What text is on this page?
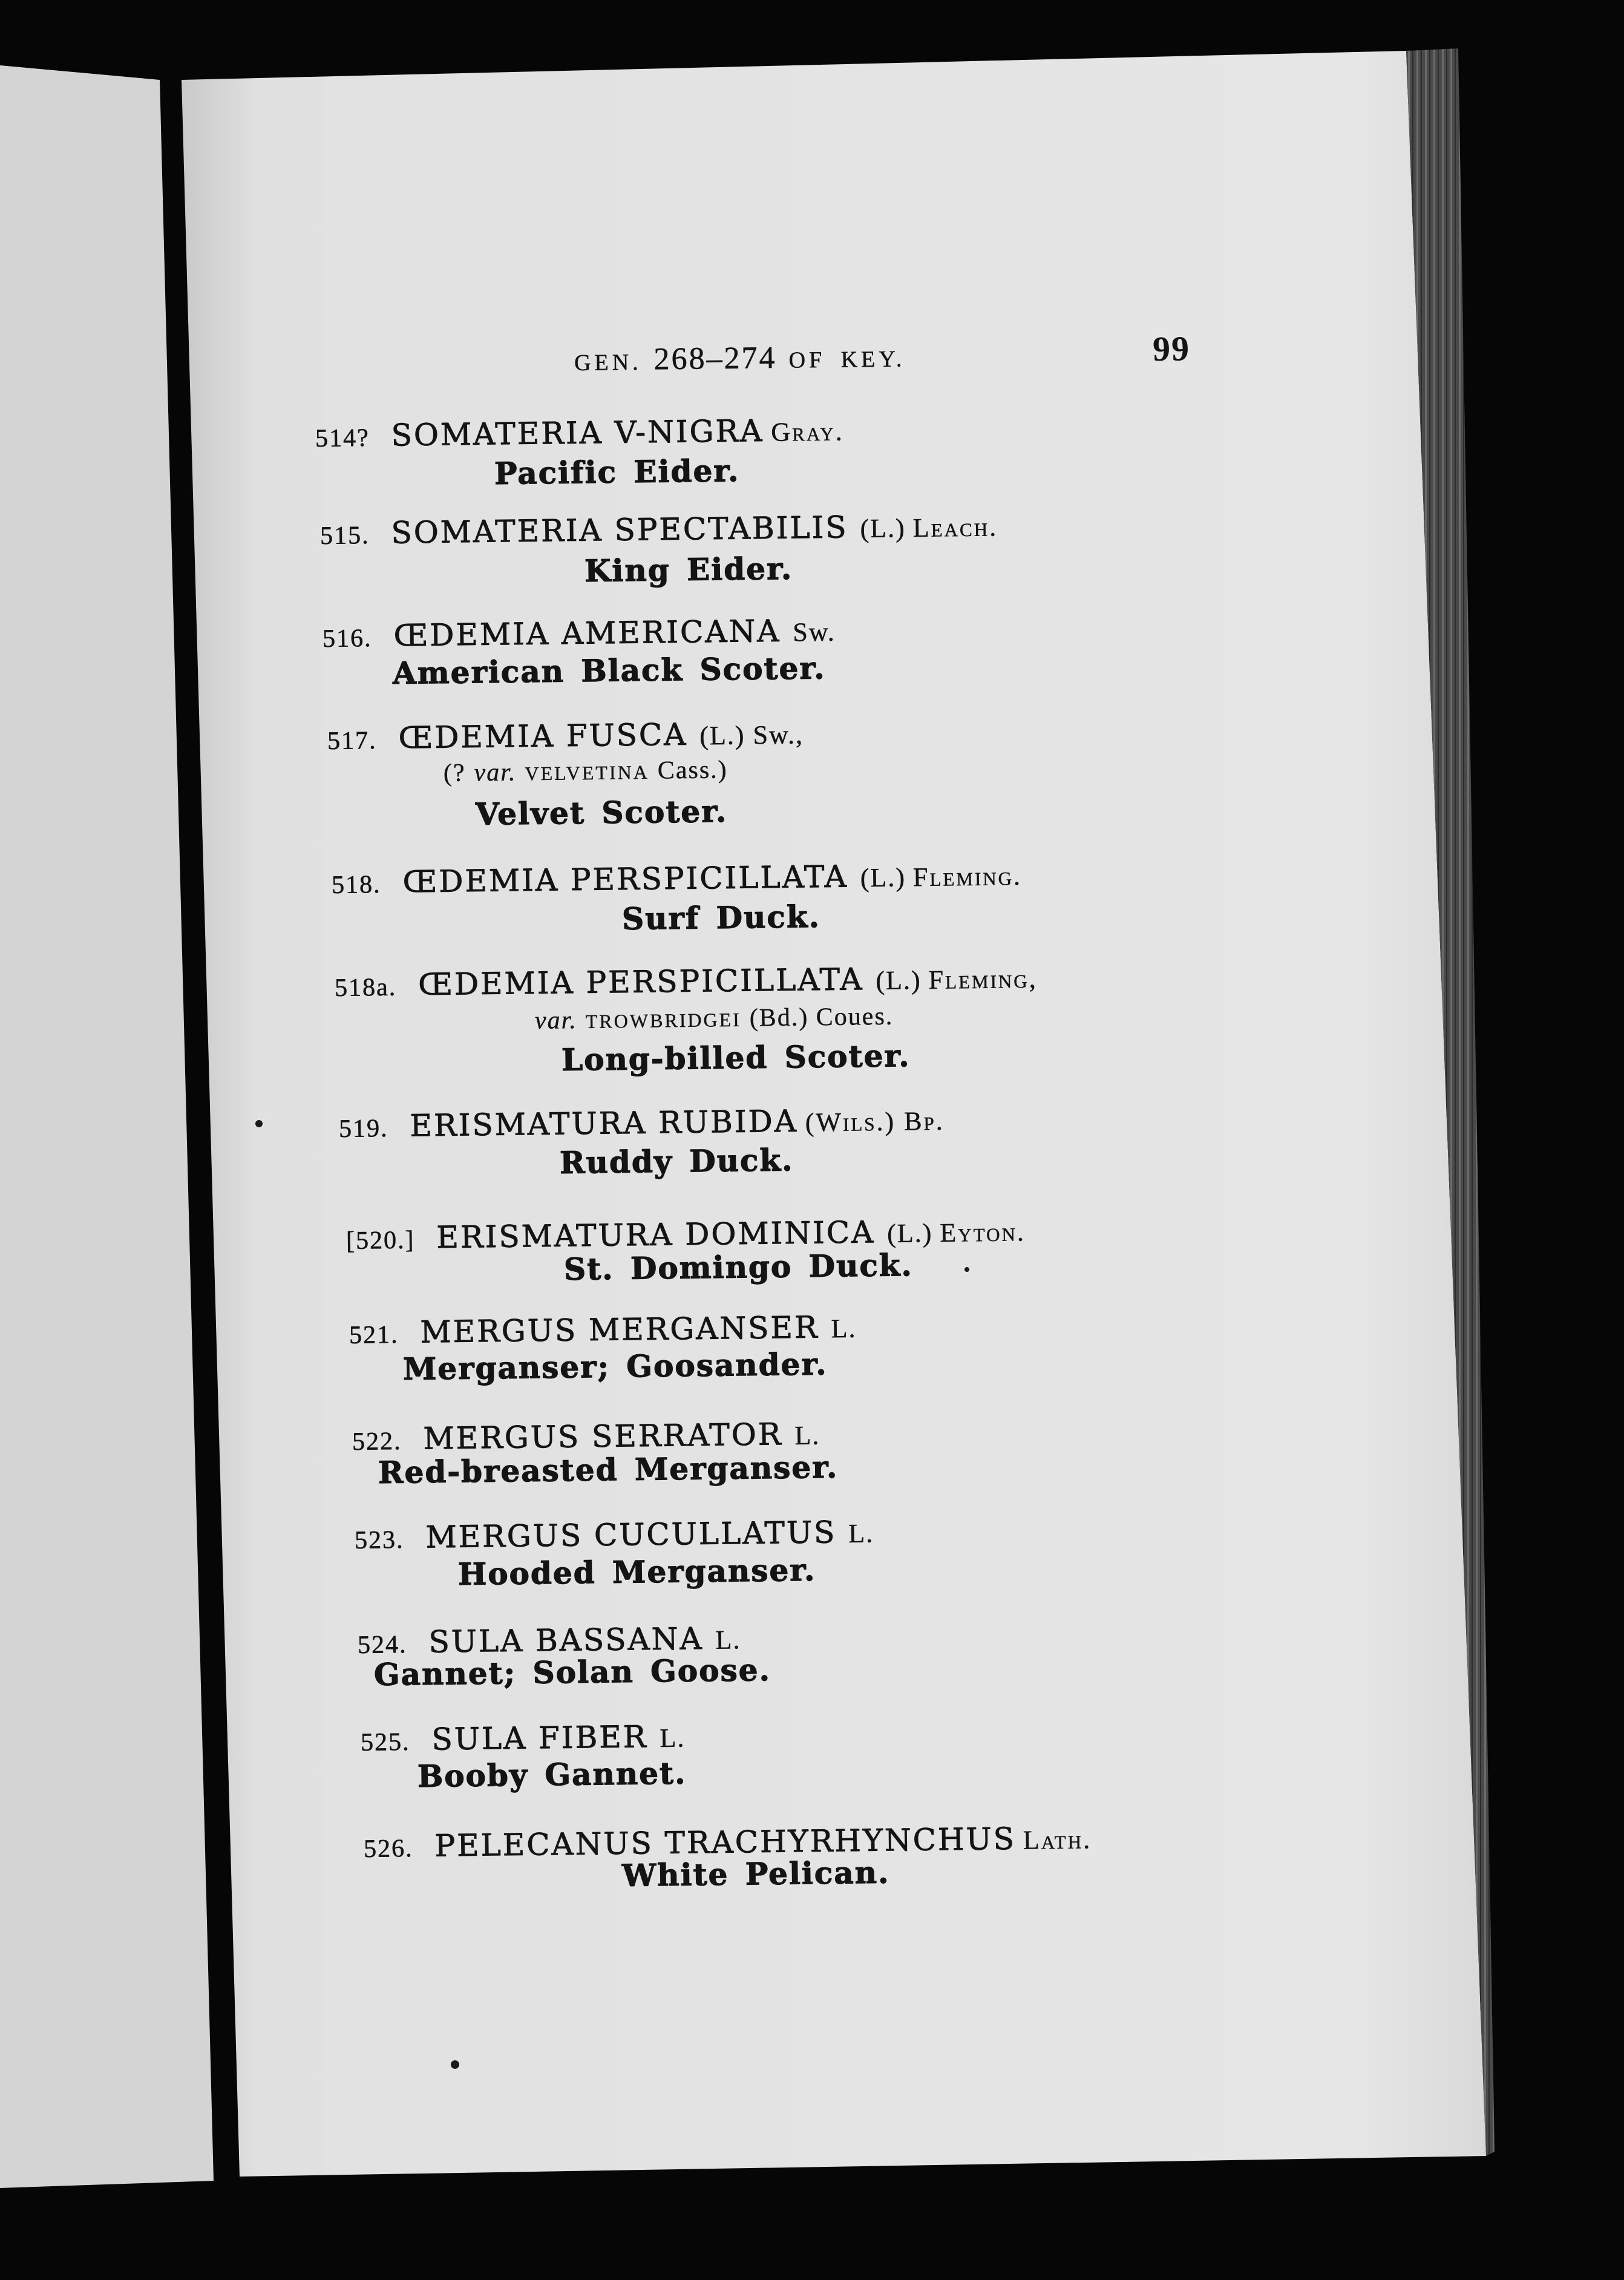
GEN. 268–274 OF KEY.	99
514? SOMATERIA V-NIGRA Gray.
Pacific Eider.
515. SOMATERIA SPECTABILIS (L.) Leach.
King Eider.
516. ŒDEMIA AMERICANA Sw.
American Black Scoter.
517. ŒDEMIA FUSCA (L.) Sw.,
(? var. VELVETINA Cass.)
Velvet Scoter.
518. ŒDEMIA PERSPICILLATA (L.) Fleming.
Surf Duck.
518a. ŒDEMIA PERSPICILLATA (L.) Fleming,
var. TROWBRIDGEI (Bd.) Coues.
Long-billed Scoter.
519. ERISMATURA RUBIDA (Wils.) Bp.
Ruddy Duck.
[520.] ERISMATURA DOMINICA (L.) Eyton.
St. Domingo Duck.
521. MERGUS MERGANSER L.
Merganser; Goosander.
522. MERGUS SERRATOR L.
Red-breasted Merganser.
523. MERGUS CUCULLATUS L.
Hooded Merganser.
524. SULA BASSANA L.
Gannet; Solan Goose.
525. SULA FIBER L.
Booby Gannet.
526. PELECANUS TRACHYRHYNCHUS Lath.
White Pelican.
